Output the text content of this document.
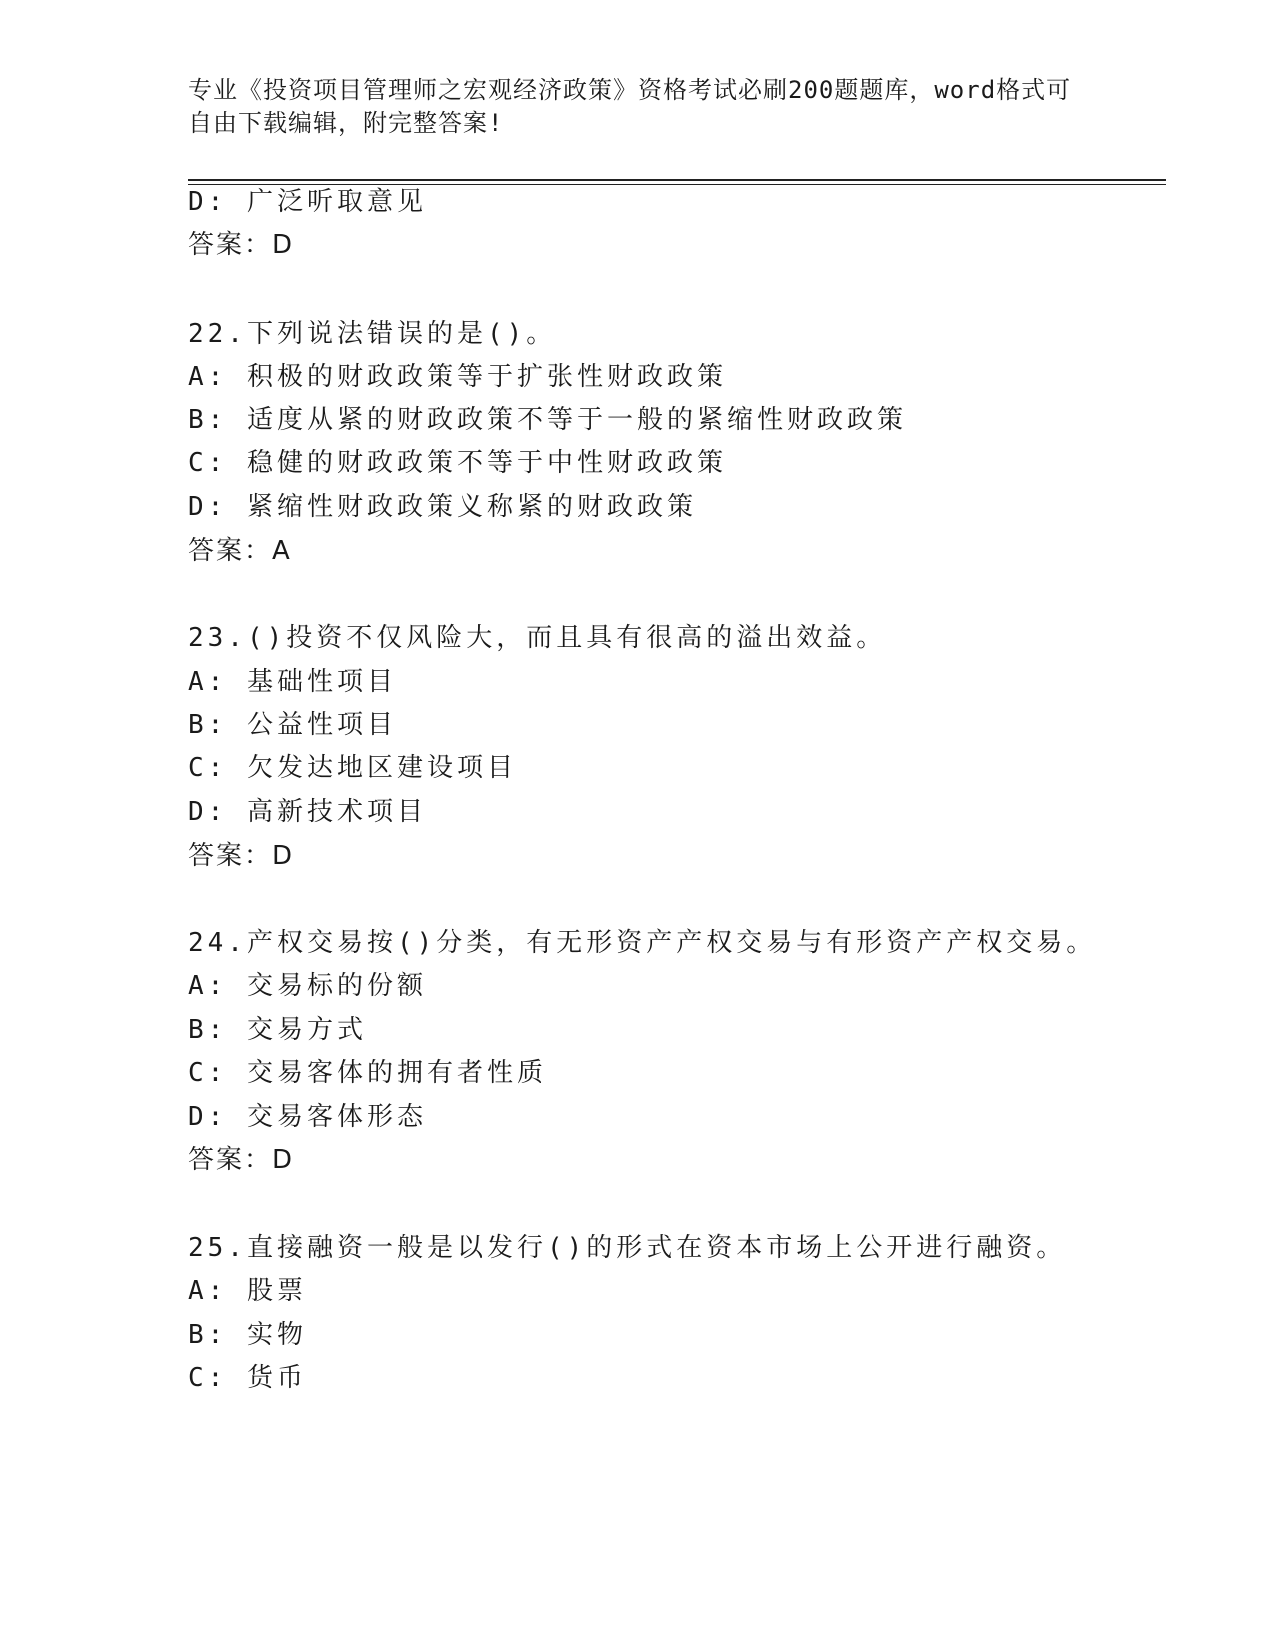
专业《投资项目管理师之宏观经济政策》资格考试必刷200题题库，word格式可
自由下载编辑，附完整答案!
D: 广泛听取意见
答案：D
22.下列说法错误的是()。
A: 积极的财政政策等于扩张性财政政策
B: 适度从紧的财政政策不等于一般的紧缩性财政政策
C: 稳健的财政政策不等于中性财政政策
D: 紧缩性财政政策义称紧的财政政策
答案：A
23.()投资不仅风险大，而且具有很高的溢出效益。
A: 基础性项目
B: 公益性项目
C: 欠发达地区建设项目
D: 高新技术项目
答案：D
24.产权交易按()分类，有无形资产产权交易与有形资产产权交易。
A: 交易标的份额
B: 交易方式
C: 交易客体的拥有者性质
D: 交易客体形态
答案：D
25.直接融资一般是以发行()的形式在资本市场上公开进行融资。
A: 股票
B: 实物
C: 货币
